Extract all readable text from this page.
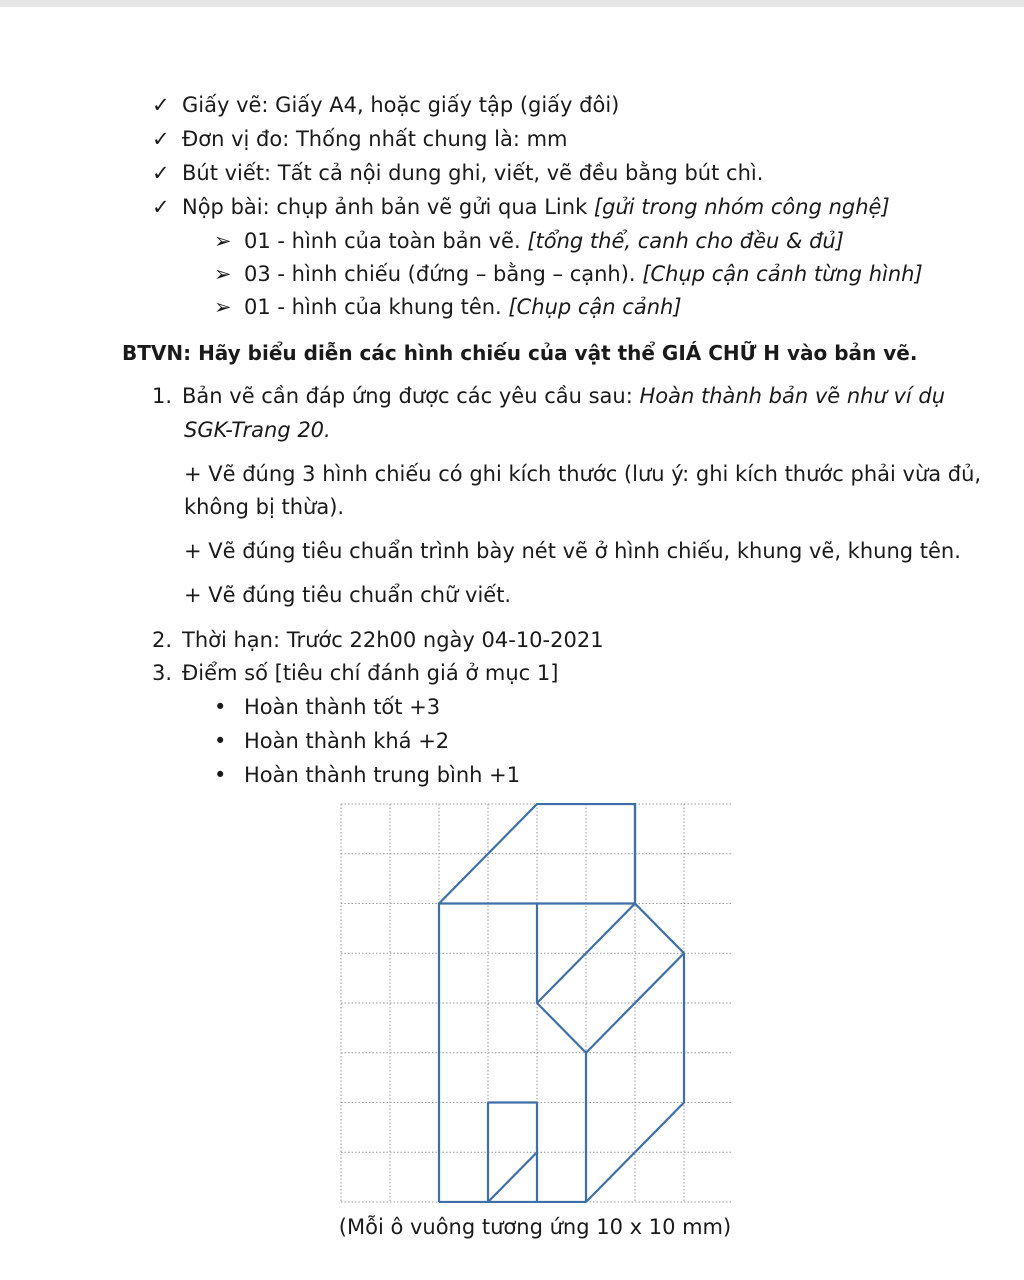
✓ Giấy vẽ: Giấy A4, hoặc giấy tập (giấy đôi)
✓ Đơn vị đo: Thống nhất chung là: mm
✓ Bút viết: Tất cả nội dung ghi, viết, vẽ đều bằng bút chì.
✓ Nộp bài: chụp ảnh bản vẽ gửi qua Link [gửi trong nhóm công nghệ]
➢ 01 - hình của toàn bản vẽ. [tổng thể, canh cho đều & đủ]
➢ 03 - hình chiếu (đứng – bằng – cạnh). [Chụp cận cảnh từng hình]
➢ 01 - hình của khung tên. [Chụp cận cảnh]
BTVN: Hãy biểu diễn các hình chiếu của vật thể GIÁ CHỮ H vào bản vẽ.
1. Bản vẽ cần đáp ứng được các yêu cầu sau: Hoàn thành bản vẽ như ví dụ
SGK-Trang 20.
+ Vẽ đúng 3 hình chiếu có ghi kích thước (lưu ý: ghi kích thước phải vừa đủ,
không bị thừa).
+ Vẽ đúng tiêu chuẩn trình bày nét vẽ ở hình chiếu, khung vẽ, khung tên.
+ Vẽ đúng tiêu chuẩn chữ viết.
2. Thời hạn: Trước 22h00 ngày 04-10-2021
3. Điểm số [tiêu chí đánh giá ở mục 1]
• Hoàn thành tốt +3
• Hoàn thành khá +2
• Hoàn thành trung bình +1
(Mỗi ô vuông tương ứng 10 x 10 mm)
